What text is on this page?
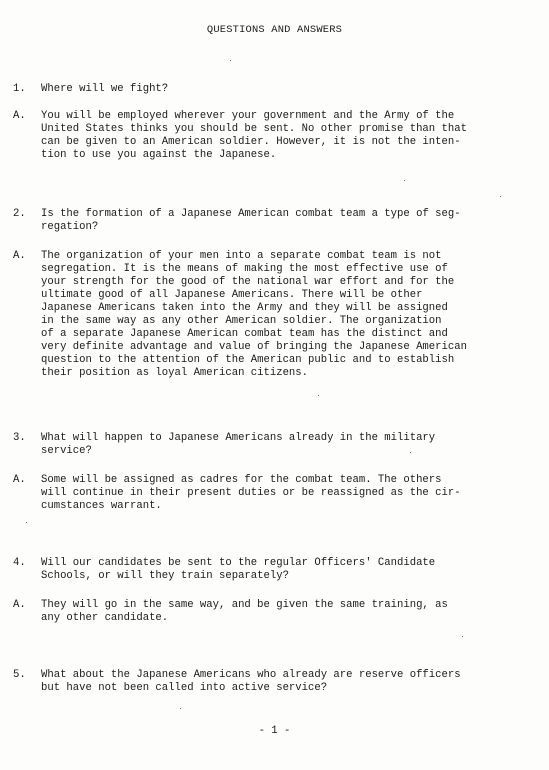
QUESTIONS AND ANSWERS
1.	Where will we fight?

A.	You will be employed wherever your government and the Army of the

United States thinks you should be sent. No other promise than that

can be given to an American soldier. However, it is not the inten-

tion to use you against the Japanese.

2.	Is the formation of a Japanese American combat team a type of seg-

regation?

A.	The organization of your men into a separate combat team is not

segregation. It is the means of making the most effective use of

your strength for the good of the national war effort and for the

ultimate good of all Japanese Americans. There will be other

Japanese Americans taken into the Army and they will be assigned

in the same way as any other American soldier. The organization

of a separate Japanese American combat team has the distinct and

very definite advantage and value of bringing the Japanese American

question to the attention of the American public and to establish

their position as loyal American citizens.

3.	What will happen to Japanese Americans already in the military

service?

A.	Some will be assigned as cadres for the combat team. The others

will continue in their present duties or be reassigned as the cir-

cumstances warrant.

4.	Will our candidates be sent to the regular Officers' Candidate

Schools, or will they train separately?

A.	They will go in the same way, and be given the same training, as

any other candidate.

5.	What about the Japanese Americans who already are reserve officers

but have not been called into active service?

- 1 -
